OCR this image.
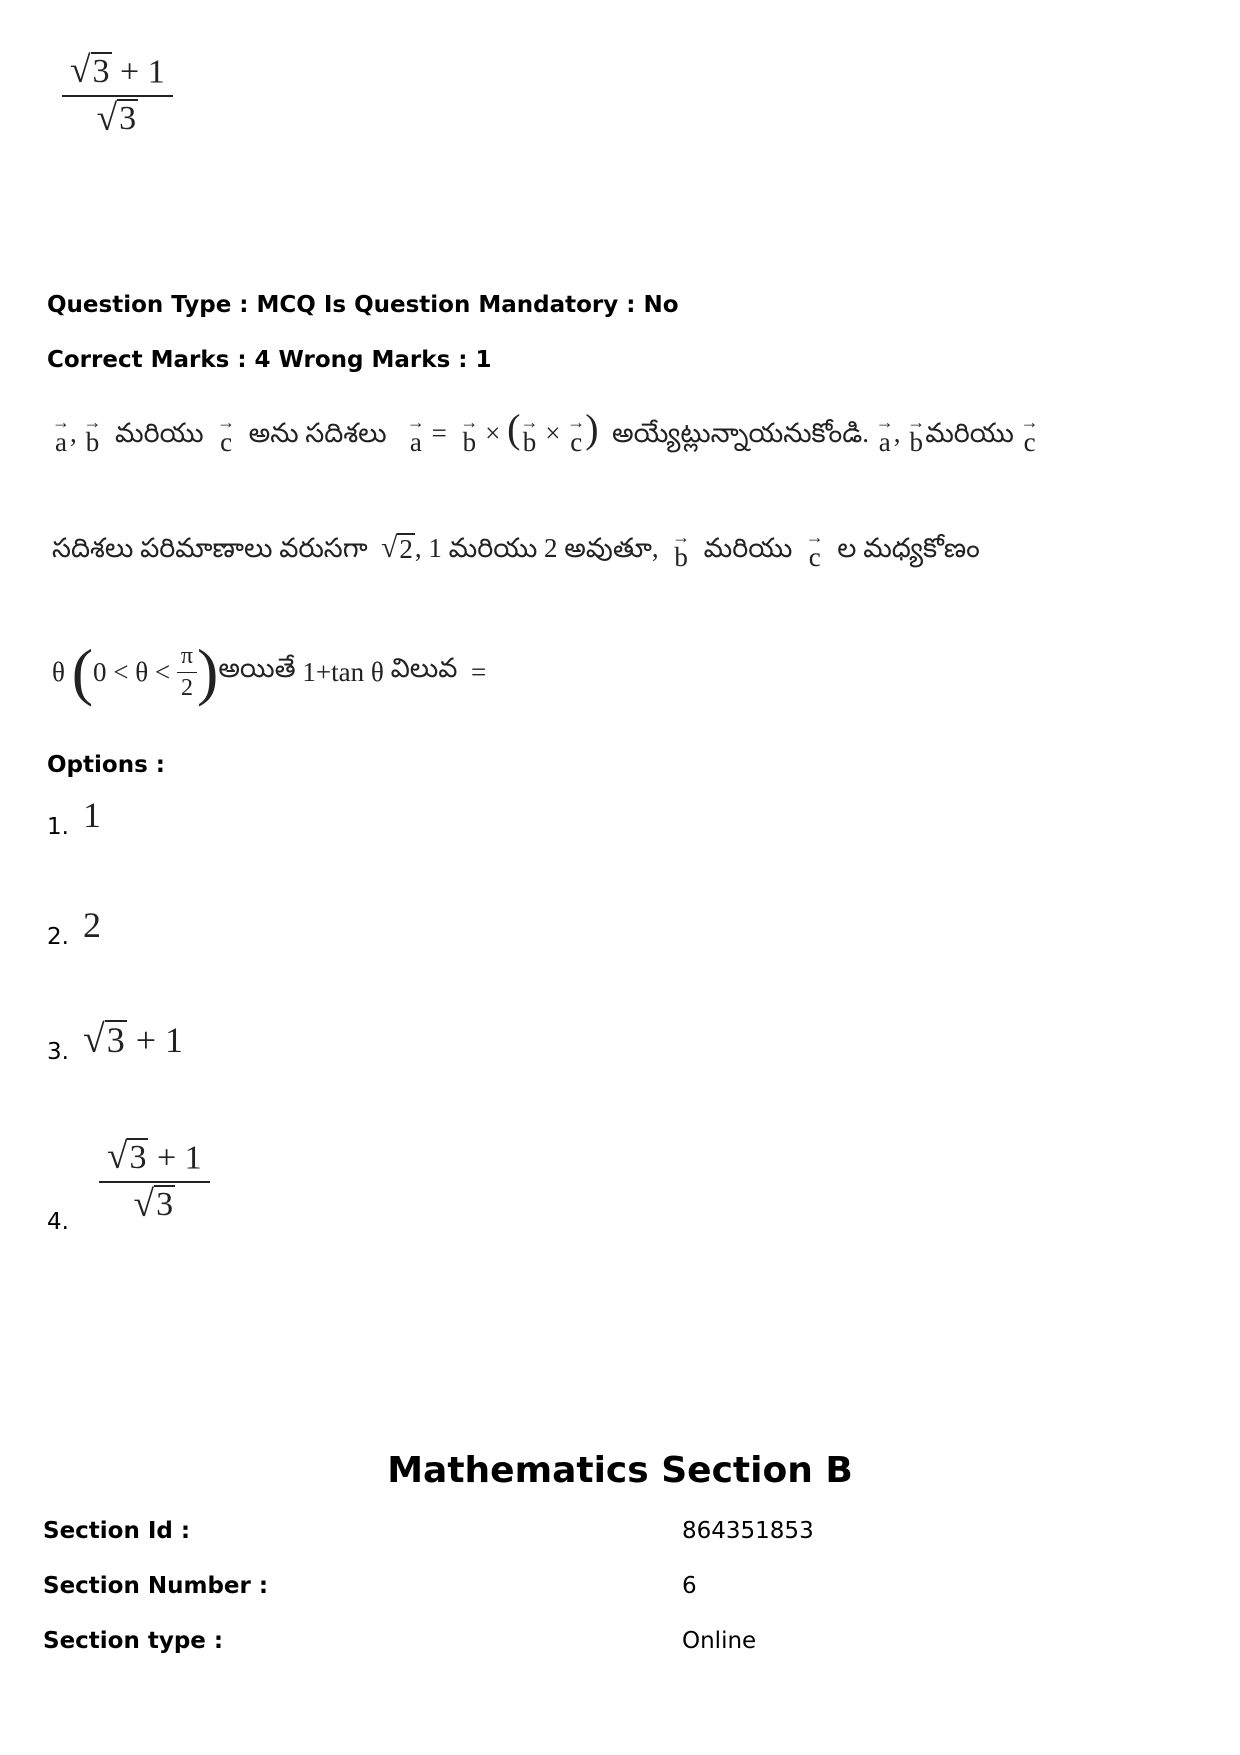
$\frac{√ 3 + 1}{√ 3}$
Question Type : MCQ Is Question Mandatory : No
Correct Marks : 4 Wrong Marks : 1
→
a , →
b మరియు →
c అను సదిశలు →
a = →
b × ( →
b × →
c ) అయ్యేట్లున్నాయనుకోండి. →
a , →
b మరియు →
c
సదిశలు పరిమాణాలు వరుసగా √ 2 , 1 మరియు 2 అవుతూ, →
b మరియు →
c ల మధ్యకోణం
θ
( 0 < θ <
$\frac{\pi}{2}$ ) అయితే
1+tan θ
విలువ
=
Options :
1. 1
2. 2
3. √ 3 + 1
4. $\frac{√ 3 + 1}{√ 3}$
Mathematics Section B
Section Id :	864351853
Section Number :	6
Section type :	Online
